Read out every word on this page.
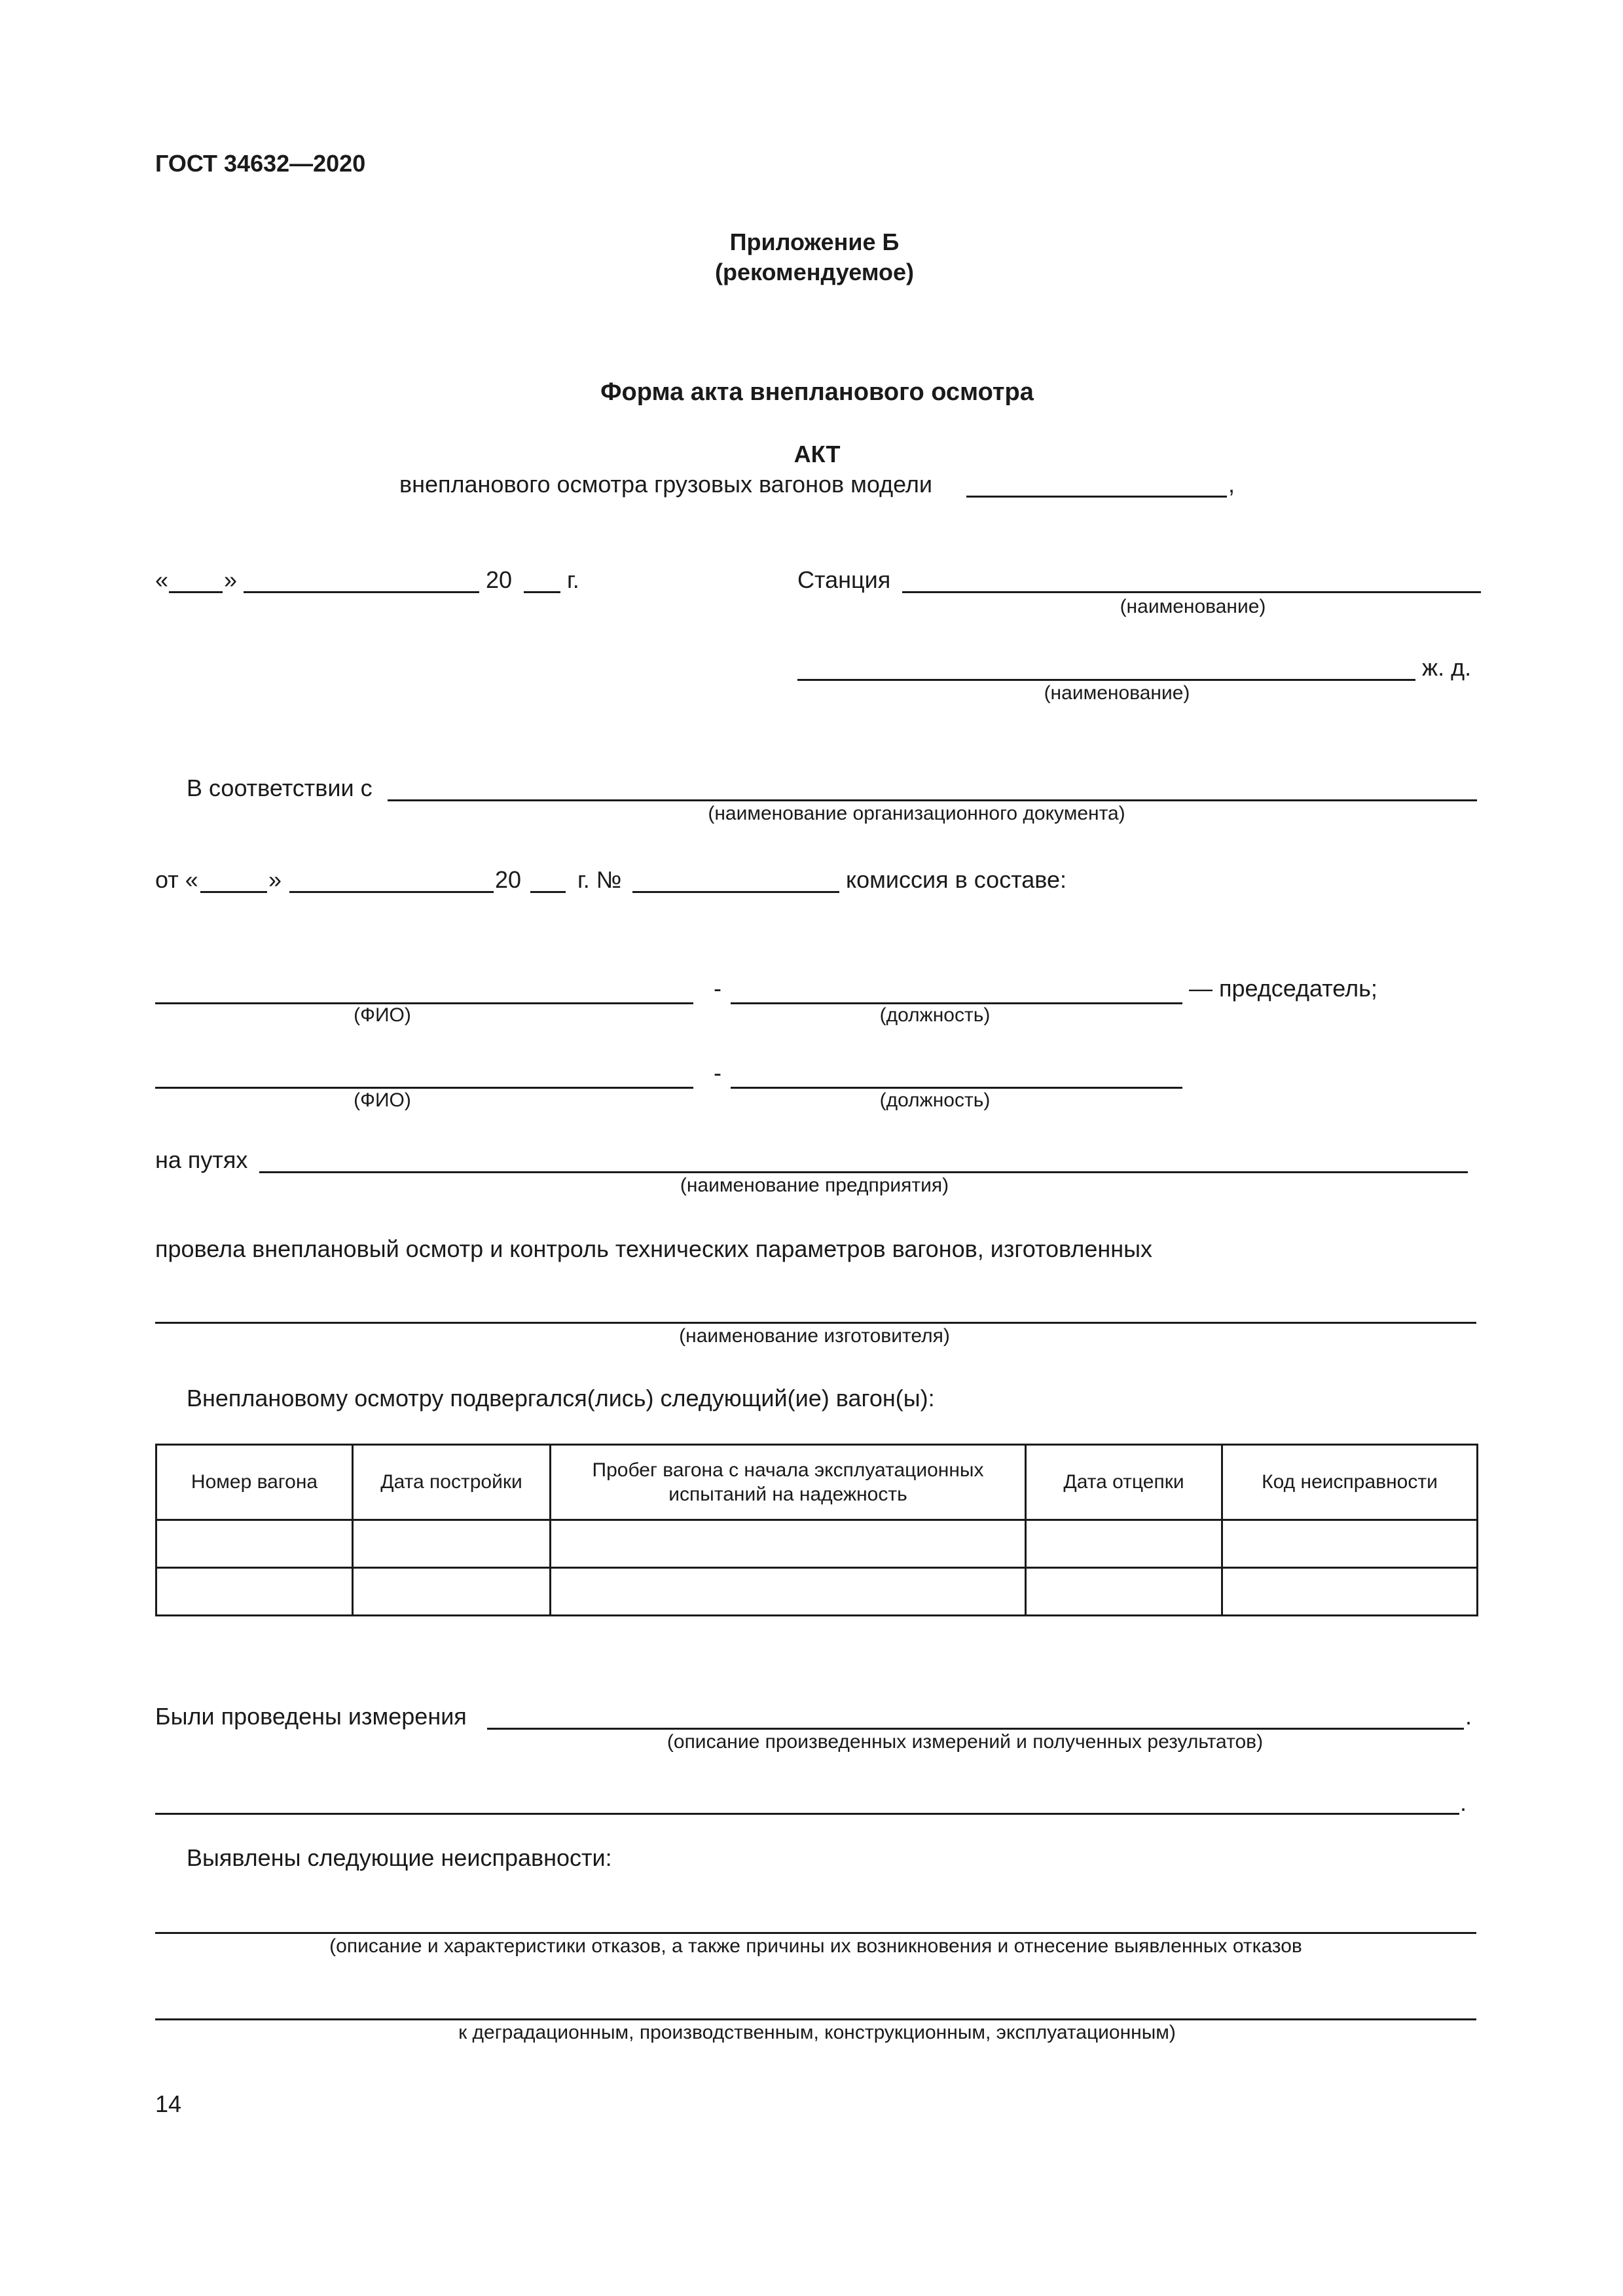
ГОСТ 34632—2020
Приложение Б
(рекомендуемое)
Форма акта внепланового осмотра
АКТ
внепланового осмотра грузовых вагонов модели	,
« »	20 г.	Станция
(наименование)
ж. д.
(наименование)
В соответствии с
(наименование организационного документа)
от «	»	20 г. №	комиссия в составе:
-	— председатель;
(ФИО)	(должность)
-
(ФИО)	(должность)
на путях
(наименование предприятия)
провела внеплановый осмотр и контроль технических параметров вагонов, изготовленных
(наименование изготовителя)
Внеплановому осмотру подвергался(лись) следующий(ие) вагон(ы):
Номер вагона	Дата постройки	Пробег вагона с начала эксплуатационных испытаний на надежность	Дата отцепки	Код неисправности

Были проведены измерения	.
(описание произведенных измерений и полученных результатов)
.
Выявлены следующие неисправности:
(описание и характеристики отказов, а также причины их возникновения и отнесение выявленных отказов
к деградационным, производственным, конструкционным, эксплуатационным)
14
